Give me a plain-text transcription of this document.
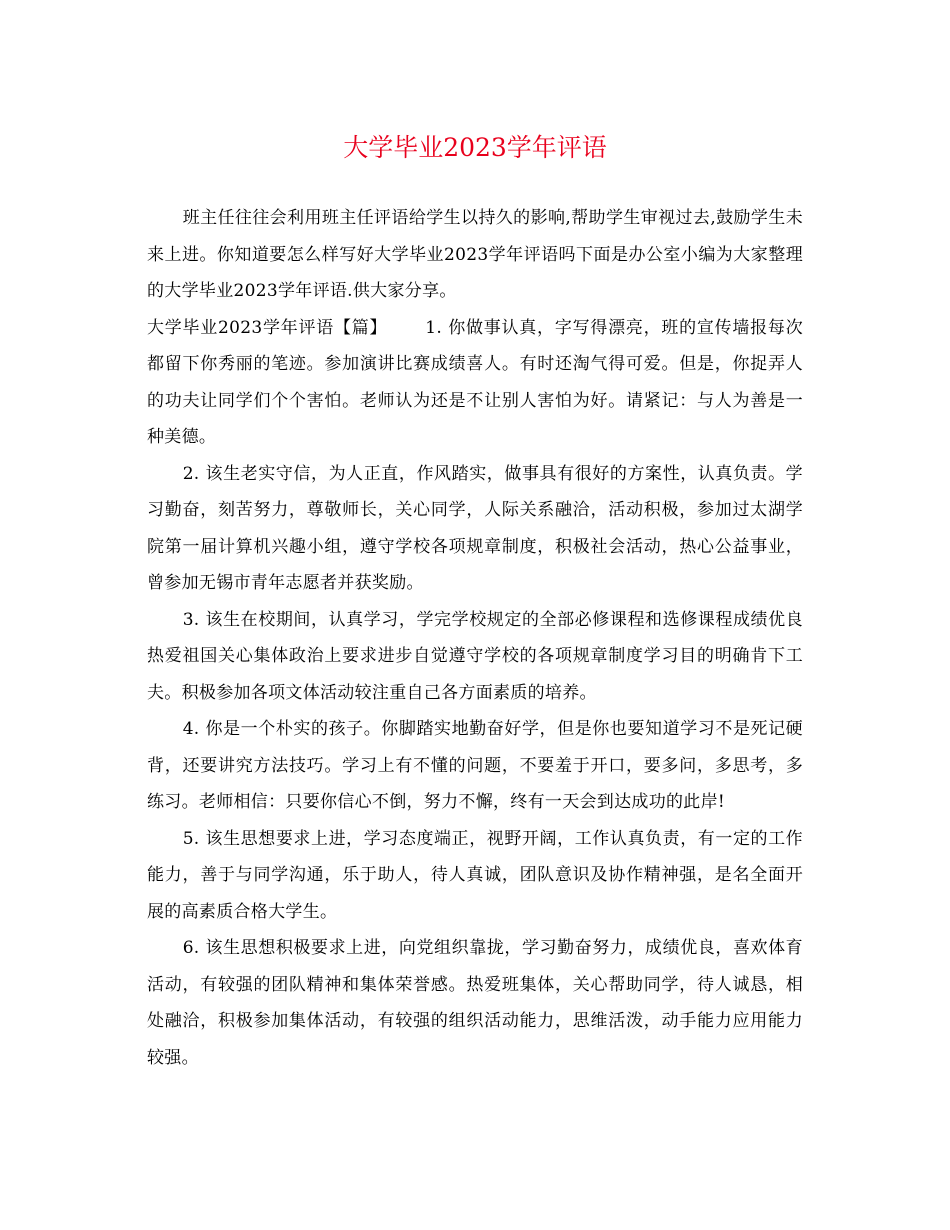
大学毕业2023学年评语

班主任往往会利用班主任评语给学生以持久的影响,帮助学生审视过去,鼓励学生未来上进。你知道要怎么样写好大学毕业2023学年评语吗下面是办公室小编为大家整理的大学毕业2023学年评语.供大家分享。

大学毕业2023学年评语【篇】 1. 你做事认真，字写得漂亮，班的宣传墙报每次都留下你秀丽的笔迹。参加演讲比赛成绩喜人。有时还淘气得可爱。但是，你捉弄人的功夫让同学们个个害怕。老师认为还是不让别人害怕为好。请紧记：与人为善是一种美德。

2. 该生老实守信，为人正直，作风踏实，做事具有很好的方案性，认真负责。学习勤奋，刻苦努力，尊敬师长，关心同学，人际关系融洽，活动积极，参加过太湖学院第一届计算机兴趣小组，遵守学校各项规章制度，积极社会活动，热心公益事业，曾参加无锡市青年志愿者并获奖励。

3. 该生在校期间，认真学习，学完学校规定的全部必修课程和选修课程成绩优良热爱祖国关心集体政治上要求进步自觉遵守学校的各项规章制度学习目的明确肯下工夫。积极参加各项文体活动较注重自己各方面素质的培养。

4. 你是一个朴实的孩子。你脚踏实地勤奋好学，但是你也要知道学习不是死记硬背，还要讲究方法技巧。学习上有不懂的问题，不要羞于开口，要多问，多思考，多练习。老师相信：只要你信心不倒，努力不懈，终有一天会到达成功的此岸!

5. 该生思想要求上进，学习态度端正，视野开阔，工作认真负责，有一定的工作能力，善于与同学沟通，乐于助人，待人真诚，团队意识及协作精神强，是名全面开展的高素质合格大学生。

6. 该生思想积极要求上进，向党组织靠拢，学习勤奋努力，成绩优良，喜欢体育活动，有较强的团队精神和集体荣誉感。热爱班集体，关心帮助同学，待人诚恳，相处融洽，积极参加集体活动，有较强的组织活动能力，思维活泼，动手能力应用能力较强。
